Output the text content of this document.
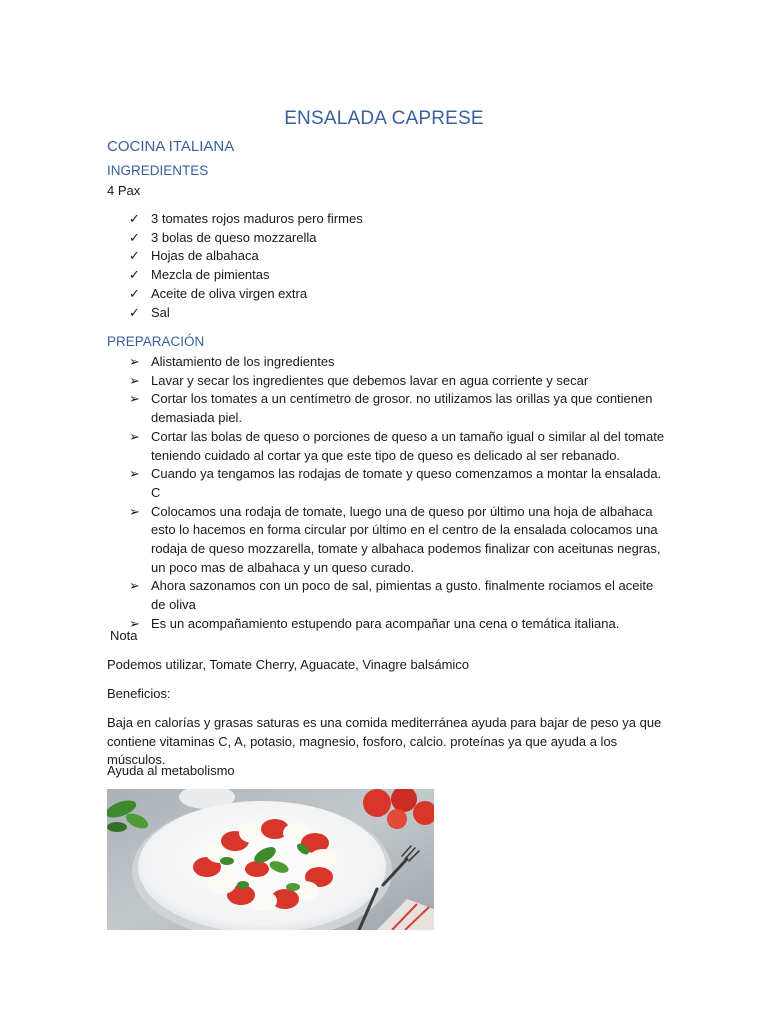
ENSALADA CAPRESE
COCINA ITALIANA
INGREDIENTES
4 Pax
✓ 3 tomates rojos maduros pero firmes
✓ 3 bolas de queso mozzarella
✓ Hojas de albahaca
✓ Mezcla de pimientas
✓ Aceite de oliva virgen extra
✓ Sal
PREPARACIÓN
➢ Alistamiento de los ingredientes
➢ Lavar y secar los ingredientes que debemos lavar en agua corriente y secar
➢ Cortar los tomates a un centímetro de grosor. no utilizamos las orillas ya que contienen demasiada piel.
➢ Cortar las bolas de queso o porciones de queso a un tamaño igual o similar al del tomate teniendo cuidado al cortar ya que este tipo de queso es delicado al ser rebanado.
➢ Cuando ya tengamos las rodajas de tomate y queso comenzamos a montar la ensalada. C
➢ Colocamos una rodaja de tomate, luego una de queso por último una hoja de albahaca esto lo hacemos en forma circular por último en el centro de la ensalada colocamos una rodaja de queso mozzarella, tomate y albahaca podemos finalizar con aceitunas negras, un poco mas de albahaca y un queso curado.
➢ Ahora sazonamos con un poco de sal, pimientas a gusto. finalmente rociamos el aceite de oliva
➢ Es un acompañamiento estupendo para acompañar una cena o temática italiana.
Nota
Podemos utilizar, Tomate Cherry, Aguacate, Vinagre balsámico
Beneficios:
Baja en calorías y grasas saturas es una comida mediterránea ayuda para bajar de peso ya que contiene vitaminas C, A, potasio, magnesio, fosforo, calcio. proteínas ya que ayuda a los músculos.
Ayuda al metabolismo
